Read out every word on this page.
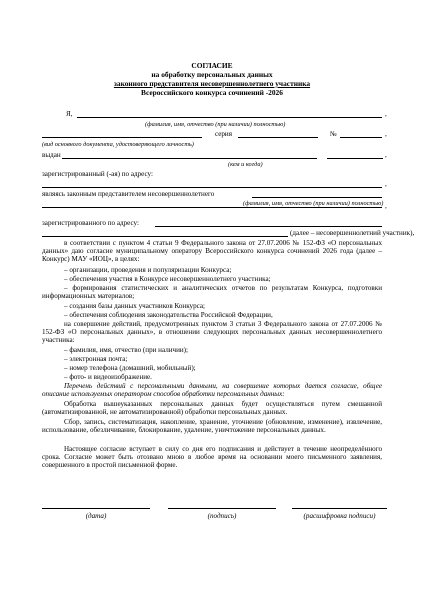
СОГЛАСИЕ
на обработку персональных данных
законного представителя несовершеннолетнего участника
Всероссийского конкурса сочинений -2026
Я,	,
(фамилия, имя, отчество (при наличии) полностью)
серия	№	,
(вид основного документа, удостоверяющего личность)
выдан	,
(кем и когда)
зарегистрированный (-ая) по адресу:
,
являясь законным представителем несовершеннолетнего
(фамилия, имя, отчество (при наличии) полностью) ,
зарегистрированного по адресу:
(далее – несовершеннолетний участник),
в соответствии с пунктом 4 статьи 9 Федерального закона от 27.07.2006 № 152-ФЗ «О персональных данных» даю согласие муниципальному оператору Всероссийского конкурса сочинений 2026 года (далее – Конкурс) МАУ «ИОЦ», в целях:
– организации, проведения и популяризации Конкурса;
– обеспечения участия в Конкурсе несовершеннолетнего участника;
– формирования статистических и аналитических отчетов по результатам Конкурса, подготовки информационных материалов;
– создания базы данных участников Конкурса;
– обеспечения соблюдения законодательства Российской Федерации,
на совершение действий, предусмотренных пунктом 3 статьи 3 Федерального закона от 27.07.2006 № 152-ФЗ «О персональных данных», в отношении следующих персональных данных несовершеннолетнего участника:
– фамилия, имя, отчество (при наличии);
– электронная почта;
– номер телефона (домашний, мобильный);
– фото- и видеоизображение.
Перечень действий с персональными данными, на совершение которых дается согласие, общее описание используемых оператором способов обработки персональных данных:
Обработка вышеуказанных персональных данных будет осуществляться путем смешанной (автоматизированной, не автоматизированной) обработки персональных данных.
Сбор, запись, систематизация, накопление, хранение, уточнение (обновление, изменение), извлечение, использование, обезличивание, блокирование, удаление, уничтожение персональных данных.
Настоящее согласие вступает в силу со дня его подписания и действует в течение неопределённого срока. Согласие может быть отозвано мною в любое время на основании моего письменного заявления, совершенного в простой письменной форме.
(дата)	(подпись)	(расшифровка подписи)
